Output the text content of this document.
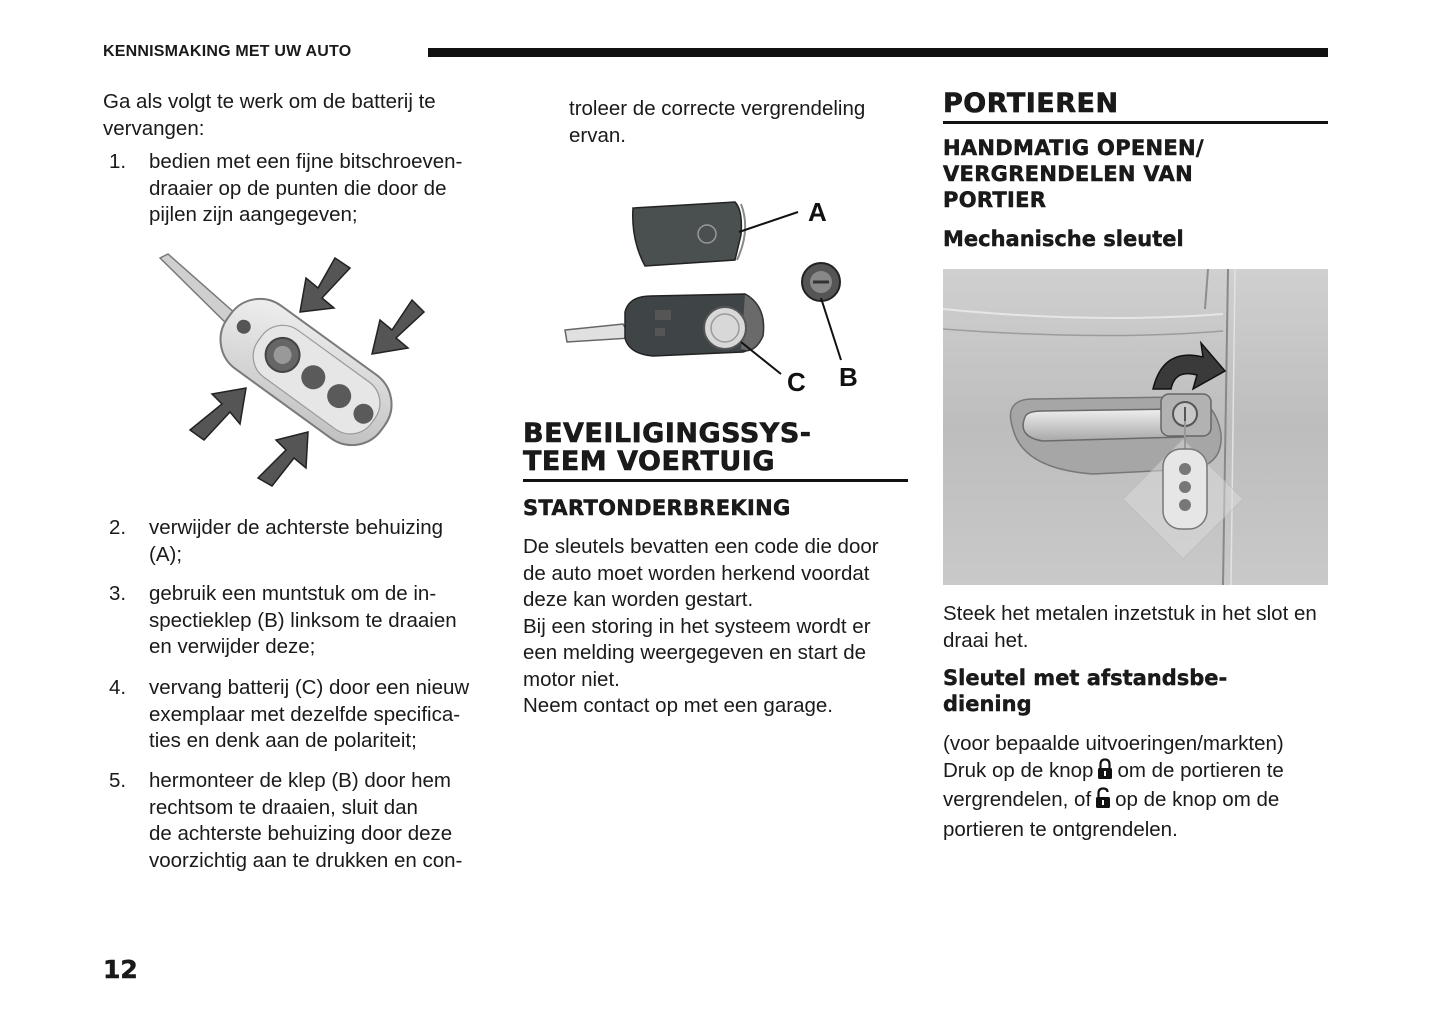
KENNISMAKING MET UW AUTO
Ga als volgt te werk om de batterij te vervangen:
1. bedien met een fijne bitschroeven-
draaier op de punten die door de
pijlen zijn aangegeven;
2. verwijder de achterste behuizing
(A);
3. gebruik een muntstuk om de in-
spectieklep (B) linksom te draaien
en verwijder deze;
4. vervang batterij (C) door een nieuw
exemplaar met dezelfde specifica-
ties en denk aan de polariteit;
5. hermonteer de klep (B) door hem
rechtsom te draaien, sluit dan
de achterste behuizing door deze
voorzichtig aan te drukken en con-
troleer de correcte vergrendeling
ervan.
A
B
C
BEVEILIGINGSSYS-
TEEM VOERTUIG
STARTONDERBREKING
De sleutels bevatten een code die door
de auto moet worden herkend voordat
deze kan worden gestart.
Bij een storing in het systeem wordt er
een melding weergegeven en start de
motor niet.
Neem contact op met een garage.
PORTIEREN
HANDMATIG OPENEN/
VERGRENDELEN VAN
PORTIER
Mechanische sleutel
Steek het metalen inzetstuk in het slot en
draai het.
Sleutel met afstandsbe-
diening
(voor bepaalde uitvoeringen/markten)
Druk op de knop om de portieren te
vergrendelen, of op de knop om de
portieren te ontgrendelen.
12
